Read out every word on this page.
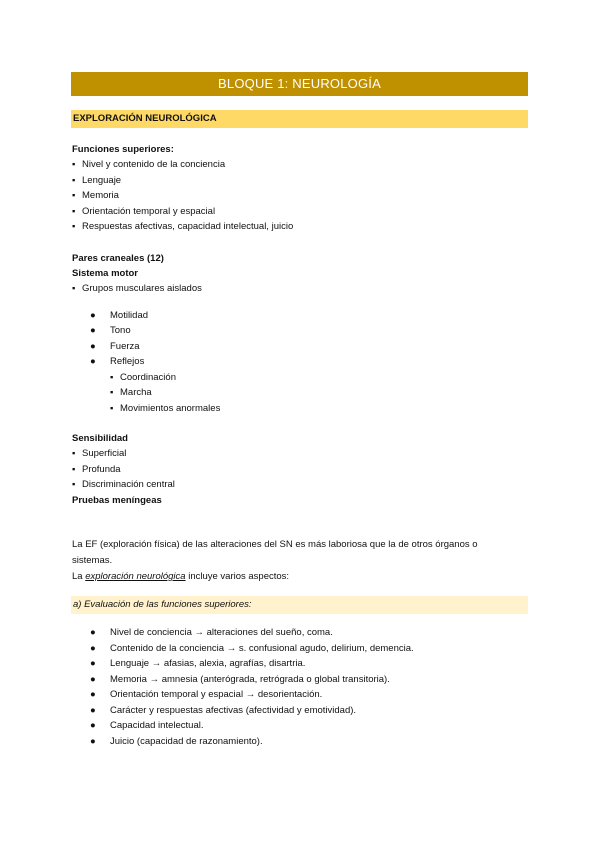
BLOQUE 1: NEUROLOGÍA
EXPLORACIÓN NEUROLÓGICA
Funciones superiores:
▪ Nivel y contenido de la conciencia
▪ Lenguaje
▪ Memoria
▪ Orientación temporal y espacial
▪ Respuestas afectivas, capacidad intelectual, juicio
Pares craneales (12)
Sistema motor
▪ Grupos musculares aislados
● Motilidad
● Tono
● Fuerza
● Reflejos
▪ Coordinación
▪ Marcha
▪ Movimientos anormales
Sensibilidad
▪ Superficial
▪ Profunda
▪ Discriminación central
Pruebas meníngeas
La EF (exploración física) de las alteraciones del SN es más laboriosa que la de otros órganos o
sistemas.
La exploración neurológica incluye varios aspectos:
a) Evaluación de las funciones superiores:
● Nivel de conciencia → alteraciones del sueño, coma.
● Contenido de la conciencia → s. confusional agudo, delirium, demencia.
● Lenguaje → afasias, alexia, agrafías, disartria.
● Memoria → amnesia (anterógrada, retrógrada o global transitoria).
● Orientación temporal y espacial → desorientación.
● Carácter y respuestas afectivas (afectividad y emotividad).
● Capacidad intelectual.
● Juicio (capacidad de razonamiento).
